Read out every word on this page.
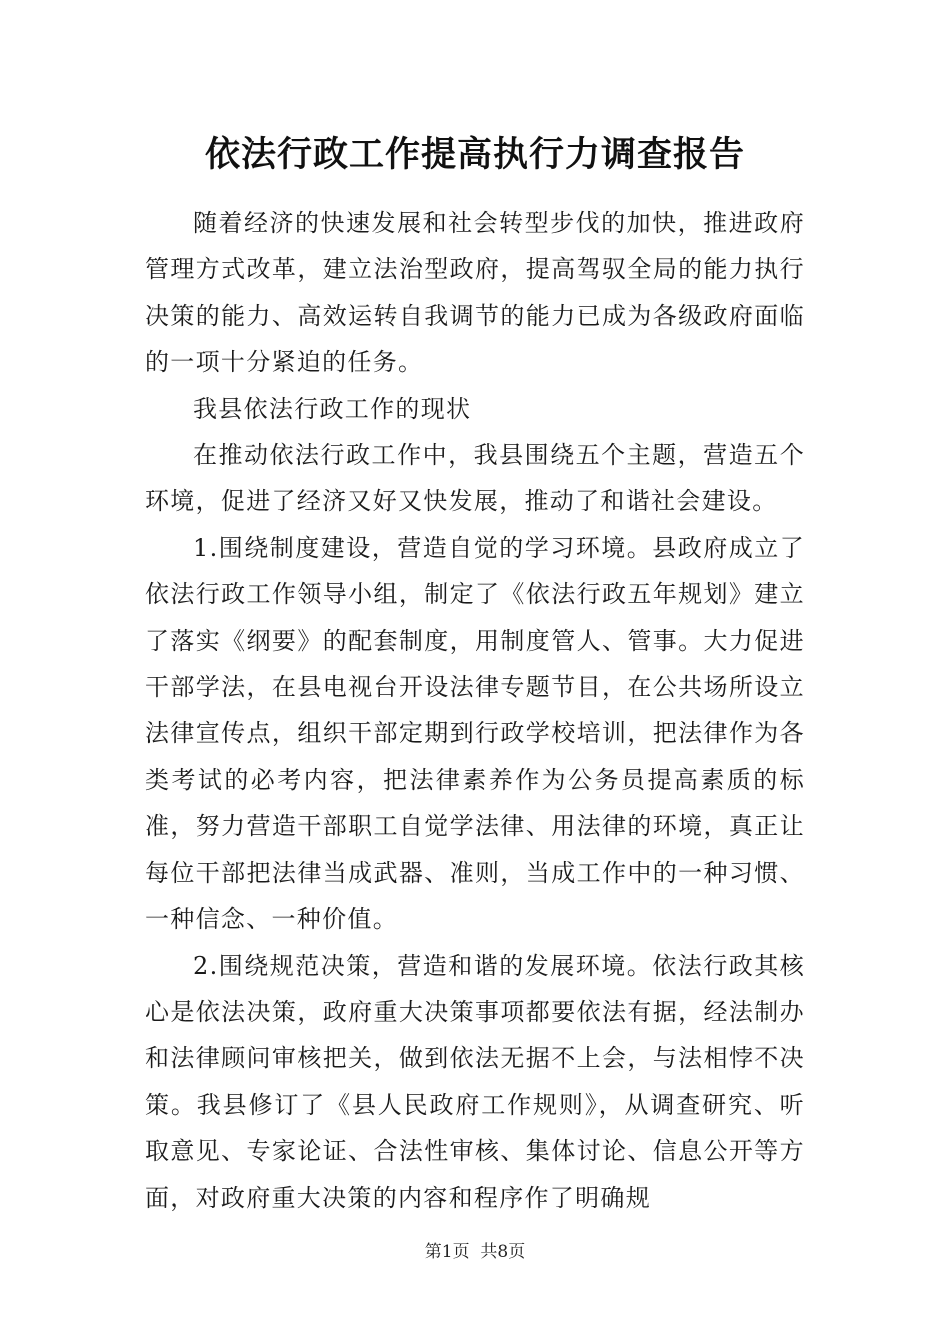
依法行政工作提高执行力调查报告

随着经济的快速发展和社会转型步伐的加快，推进政府管理方式改革，建立法治型政府，提高驾驭全局的能力执行决策的能力、高效运转自我调节的能力已成为各级政府面临的一项十分紧迫的任务。

我县依法行政工作的现状

在推动依法行政工作中，我县围绕五个主题，营造五个环境，促进了经济又好又快发展，推动了和谐社会建设。

1.围绕制度建设，营造自觉的学习环境。县政府成立了依法行政工作领导小组，制定了《依法行政五年规划》建立了落实《纲要》的配套制度，用制度管人、管事。大力促进干部学法，在县电视台开设法律专题节目，在公共场所设立法律宣传点，组织干部定期到行政学校培训，把法律作为各类考试的必考内容，把法律素养作为公务员提高素质的标准，努力营造干部职工自觉学法律、用法律的环境，真正让每位干部把法律当成武器、准则，当成工作中的一种习惯、一种信念、一种价值。

2.围绕规范决策，营造和谐的发展环境。依法行政其核心是依法决策，政府重大决策事项都要依法有据，经法制办和法律顾问审核把关，做到依法无据不上会，与法相悖不决策。我县修订了《县人民政府工作规则》，从调查研究、听取意见、专家论证、合法性审核、集体讨论、信息公开等方面，对政府重大决策的内容和程序作了明确规

第1页 共8页
